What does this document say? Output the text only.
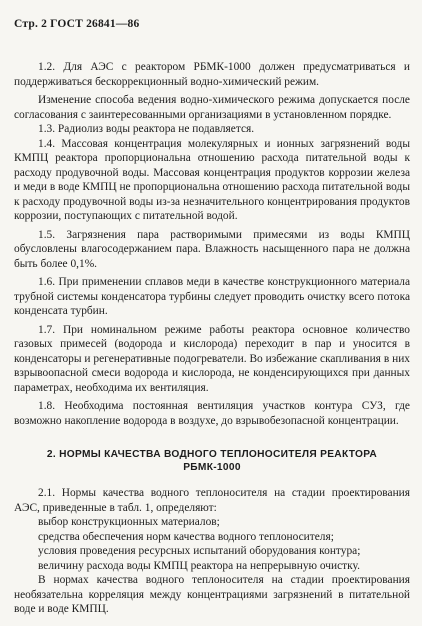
Стр. 2 ГОСТ 26841—86

1.2. Для АЭС с реактором РБМК-1000 должен предусматриваться и поддерживаться бескоррекционный водно-химический режим.

Изменение способа ведения водно-химического режима допускается после согласования с заинтересованными организациями в установленном порядке.

1.3. Радиолиз воды реактора не подавляется.

1.4. Массовая концентрация молекулярных и ионных загрязнений воды КМПЦ реактора пропорциональна отношению расхода питательной воды к расходу продувочной воды. Массовая концентрация продуктов коррозии железа и меди в воде КМПЦ не пропорциональна отношению расхода питательной воды к расходу продувочной воды из-за незначительного концентрирования продуктов коррозии, поступающих с питательной водой.

1.5. Загрязнения пара растворимыми примесями из воды КМПЦ обусловлены влагосодержанием пара. Влажность насыщенного пара не должна быть более 0,1%.

1.6. При применении сплавов меди в качестве конструкционного материала трубной системы конденсатора турбины следует проводить очистку всего потока конденсата турбин.

1.7. При номинальном режиме работы реактора основное количество газовых примесей (водорода и кислорода) переходит в пар и уносится в конденсаторы и регенеративные подогреватели. Во избежание скапливания в них взрывоопасной смеси водорода и кислорода, не конденсирующихся при данных параметрах, необходима их вентиляция.

1.8. Необходима постоянная вентиляция участков контура СУЗ, где возможно накопление водорода в воздухе, до взрывобезопасной концентрации.

2. НОРМЫ КАЧЕСТВА ВОДНОГО ТЕПЛОНОСИТЕЛЯ РЕАКТОРА
РБМК-1000

2.1. Нормы качества водного теплоносителя на стадии проектирования АЭС, приведенные в табл. 1, определяют:

выбор конструкционных материалов;

средства обеспечения норм качества водного теплоносителя;

условия проведения ресурсных испытаний оборудования контура;

величину расхода воды КМПЦ реактора на непрерывную очистку.

В нормах качества водного теплоносителя на стадии проектирования необязательна корреляция между концентрациями загрязнений в питательной воде и воде КМПЦ.
